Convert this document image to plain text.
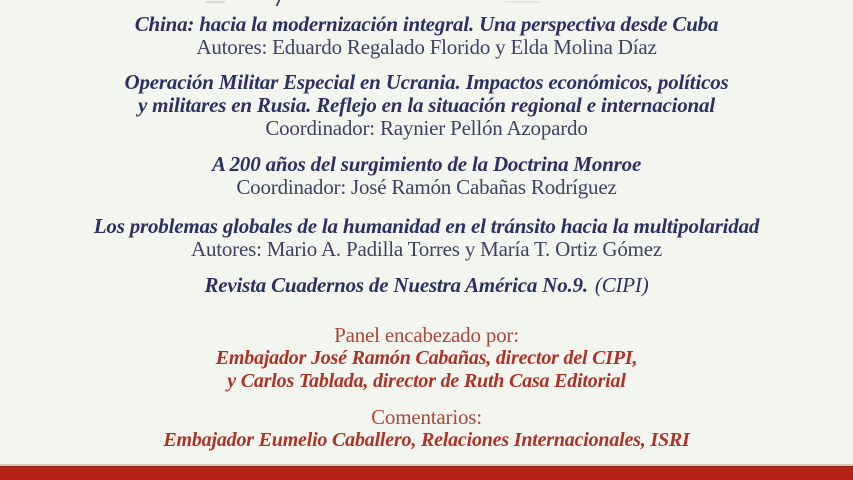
China: hacia la modernización integral. Una perspectiva desde Cuba
Autores: Eduardo Regalado Florido y Elda Molina Díaz
Operación Militar Especial en Ucrania. Impactos económicos, políticos
y militares en Rusia. Reflejo en la situación regional e internacional
Coordinador: Raynier Pellón Azopardo
A 200 años del surgimiento de la Doctrina Monroe
Coordinador: José Ramón Cabañas Rodríguez
Los problemas globales de la humanidad en el tránsito hacia la multipolaridad
Autores: Mario A. Padilla Torres y María T. Ortiz Gómez
Revista Cuadernos de Nuestra América No.9. (CIPI)
Panel encabezado por:
Embajador José Ramón Cabañas, director del CIPI,
y Carlos Tablada, director de Ruth Casa Editorial
Comentarios:
Embajador Eumelio Caballero, Relaciones Internacionales, ISRI
